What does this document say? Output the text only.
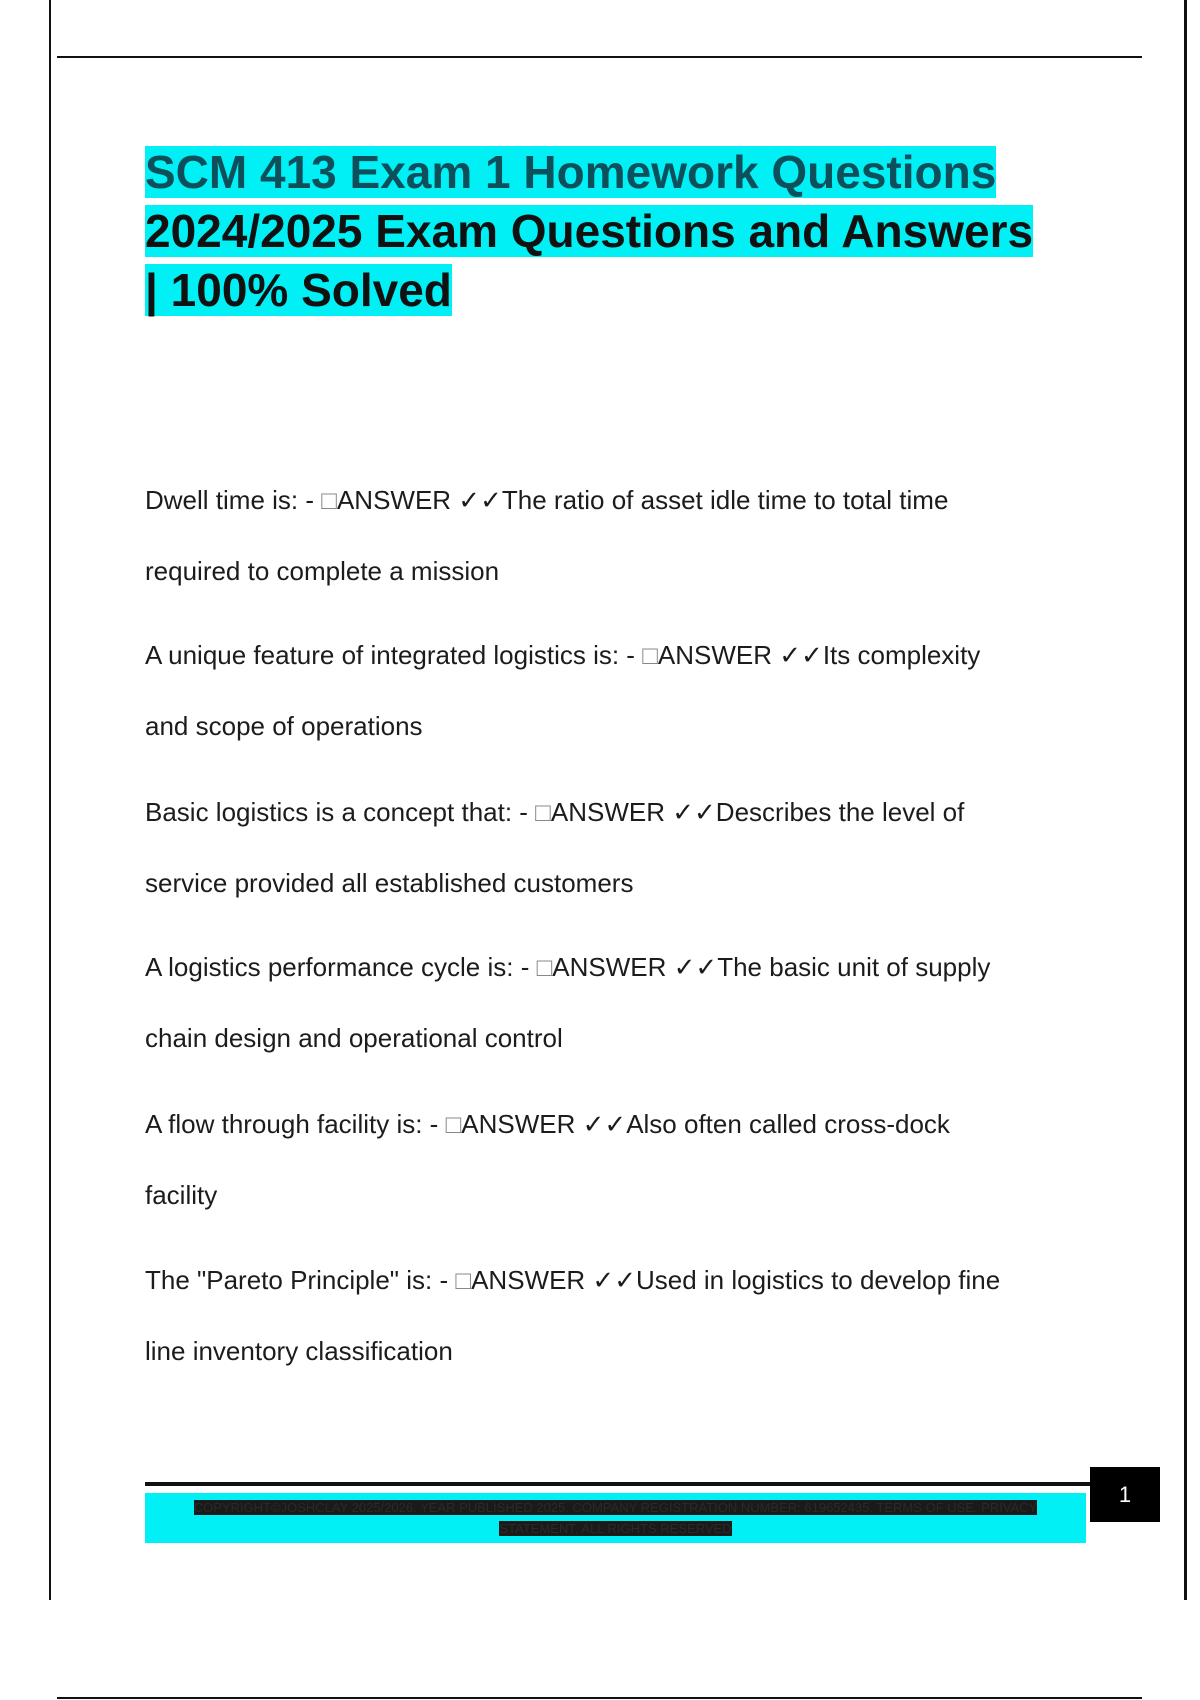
SCM 413 Exam 1 Homework Questions
2024/2025 Exam Questions and Answers
| 100% Solved

Dwell time is: - □ANSWER ✓✓The ratio of asset idle time to total time
required to complete a mission

A unique feature of integrated logistics is: - □ANSWER ✓✓Its complexity
and scope of operations

Basic logistics is a concept that: - □ANSWER ✓✓Describes the level of
service provided all established customers

A logistics performance cycle is: - □ANSWER ✓✓The basic unit of supply
chain design and operational control

A flow through facility is: - □ANSWER ✓✓Also often called cross-dock
facility

The "Pareto Principle" is: - □ANSWER ✓✓Used in logistics to develop fine
line inventory classification

COPYRIGHT©JOSHCLAY 2025/2026. YEAR PUBLISHED 2025. COMPANY REGISTRATION NUMBER: 619652435. TERMS OF USE. PRIVACY
STATEMENT. ALL RIGHTS RESERVED
1
